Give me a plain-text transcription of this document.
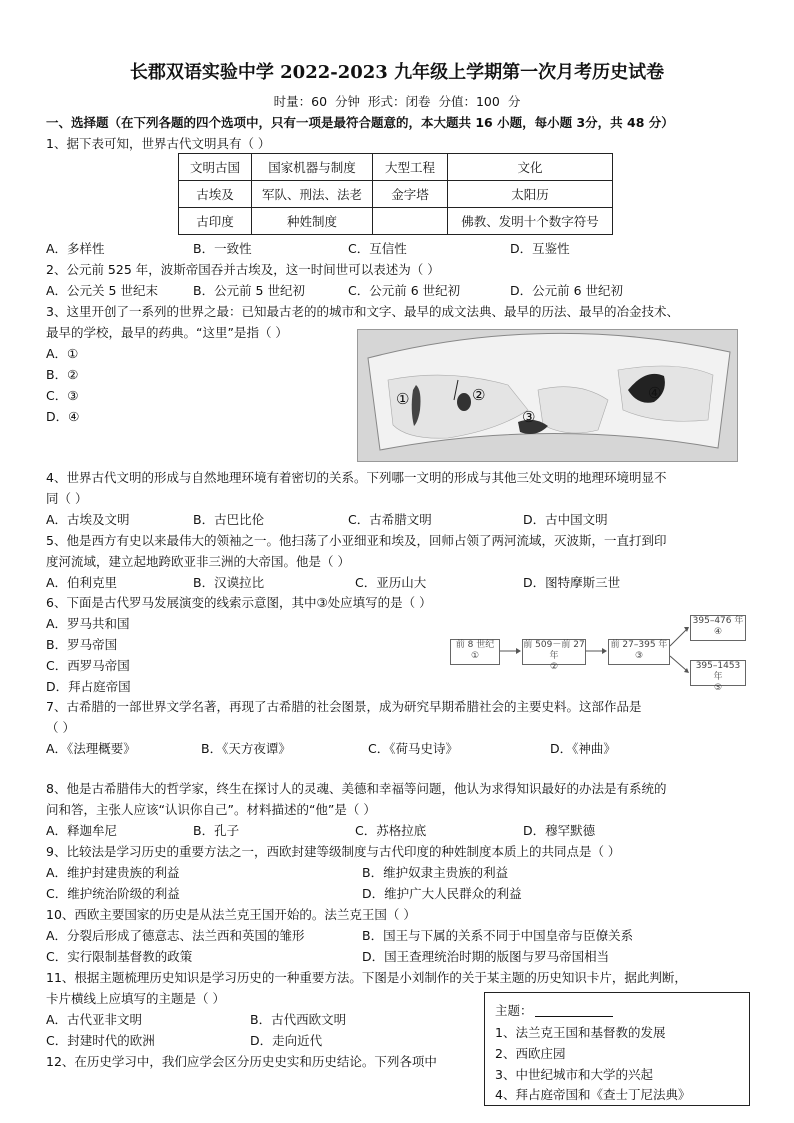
长郡双语实验中学 2022-2023 九年级上学期第一次月考历史试卷
时量：60 分钟 形式：闭卷 分值：100 分
一、选择题（在下列各题的四个选项中，只有一项是最符合题意的，本大题共 16 小题，每小题 3分，共 48 分）
1、据下表可知，世界古代文明具有（ ）
文明古国	国家机器与制度	大型工程	文化
古埃及	军队、刑法、法老	金字塔	太阳历
古印度	种姓制度		佛教、发明十个数字符号
A．多样性	B．一致性	C．互信性	D．互鉴性
2、公元前 525 年，波斯帝国吞并古埃及，这一时间世可以表述为（ ）
A．公元关 5 世纪末	B．公元前 5 世纪初	C．公元前 6 世纪初	D．公元前 6 世纪初
3、这里开创了一系列的世界之最：已知最古老的的城市和文字、最早的成文法典、最早的历法、最早的冶金技术、
最早的学校，最早的药典。“这里”是指（ ）
A．①
B．②
C．③
D．④
①	②
③
④
4、世界古代文明的形成与自然地理环境有着密切的关系。下列哪一文明的形成与其他三处文明的地理环境明显不
同（ ）
A．古埃及文明	B．古巴比伦	C．古希腊文明	D．古中国文明
5、他是西方有史以来最伟大的领袖之一。他扫荡了小亚细亚和埃及，回师占领了两河流域，灭波斯，一直打到印
度河流域，建立起地跨欧亚非三洲的大帝国。他是（ ）
A．伯利克里	B．汉谟拉比	C．亚历山大	D．图特摩斯三世
6、下面是古代罗马发展演变的线索示意图，其中③处应填写的是（ ）
A．罗马共和国
B．罗马帝国
C．西罗马帝国
D．拜占庭帝国
前 8 世纪
①
前 509－前 27 年
②
前 27–395 年
③
395–476 年
④
395–1453 年
⑤
7、古希腊的一部世界文学名著，再现了古希腊的社会图景，成为研究早期希腊社会的主要史料。这部作品是
（ ）
A．《法理概要》	B．《天方夜谭》	C．《荷马史诗》	D．《神曲》
8、他是古希腊伟大的哲学家，终生在探讨人的灵魂、美德和幸福等问题，他认为求得知识最好的办法是有系统的
问和答，主张人应该“认识你自己”。材料描述的“他”是（ ）
A．释迦牟尼	B．孔子	C．苏格拉底	D．穆罕默德
9、比较法是学习历史的重要方法之一，西欧封建等级制度与古代印度的种姓制度本质上的共同点是（ ）
A．维护封建贵族的利益	B．维护奴隶主贵族的利益
C．维护统治阶级的利益	D．维护广大人民群众的利益
10、西欧主要国家的历史是从法兰克王国开始的。法兰克王国（ ）
A．分裂后形成了德意志、法兰西和英国的雏形	B．国王与下属的关系不同于中国皇帝与臣僚关系
C．实行限制基督教的政策	D．国王查理统治时期的版图与罗马帝国相当
11、根据主题梳理历史知识是学习历史的一种重要方法。下图是小刘制作的关于某主题的历史知识卡片，据此判断，
卡片横线上应填写的主题是（ ）
A．古代亚非文明	B．古代西欧文明
C．封建时代的欧洲	D．走向近代
12、在历史学习中，我们应学会区分历史史实和历史结论。下列各项中
主题：
1、法兰克王国和基督教的发展
2、西欧庄园
3、中世纪城市和大学的兴起
4、拜占庭帝国和《查士丁尼法典》
